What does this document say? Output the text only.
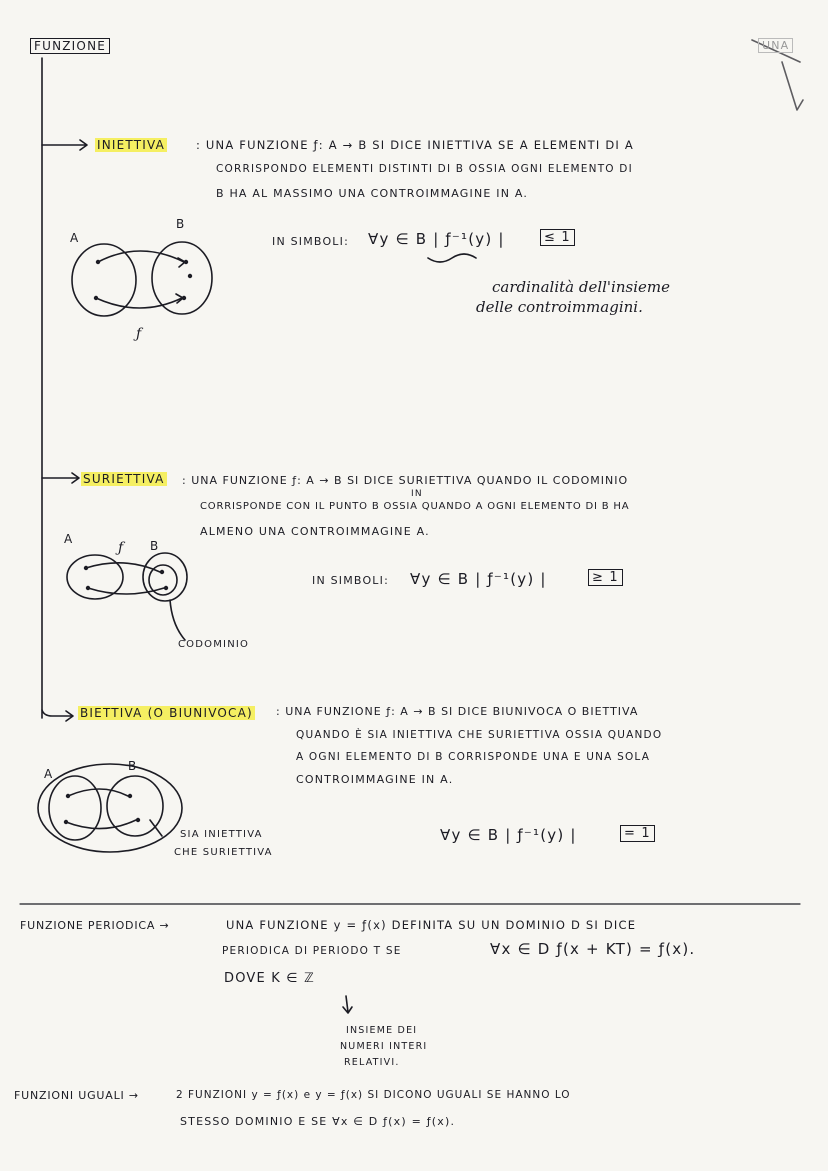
A
B
ƒ
A	B
ƒ
A
B
FUNZIONE	UNA
INIETTIVA	: UNA FUNZIONE ƒ: A → B SI DICE INIETTIVA SE A ELEMENTI DI A
CORRISPONDO ELEMENTI DISTINTI DI B OSSIA OGNI ELEMENTO DI
B HA AL MASSIMO UNA CONTROIMMAGINE IN A.
IN SIMBOLI: ∀y ∈ B | ƒ⁻¹(y) |	≤ 1
cardinalità dell'insieme
delle controimmagini.
SURIETTIVA : UNA FUNZIONE ƒ: A → B SI DICE SURIETTIVA QUANDO IL CODOMINIO
IN
CORRISPONDE CON IL PUNTO B OSSIA QUANDO A OGNI ELEMENTO DI B HA
ALMENO UNA CONTROIMMAGINE A.
IN SIMBOLI: ∀y ∈ B | ƒ⁻¹(y) |	≥ 1
CODOMINIO
BIETTIVA (O BIUNIVOCA) : UNA FUNZIONE ƒ: A → B SI DICE BIUNIVOCA O BIETTIVA
QUANDO È SIA INIETTIVA CHE SURIETTIVA OSSIA QUANDO
A OGNI ELEMENTO DI B CORRISPONDE UNA E UNA SOLA
CONTROIMMAGINE IN A.
SIA INIETTIVA
CHE SURIETTIVA
∀y ∈ B | ƒ⁻¹(y) |	= 1
FUNZIONE PERIODICA →	UNA FUNZIONE y = ƒ(x) DEFINITA SU UN DOMINIO D SI DICE
PERIODICA DI PERIODO T SE	∀x ∈ D ƒ(x + KT) = ƒ(x).
DOVE K ∈ ℤ
INSIEME DEI
NUMERI INTERI
RELATIVI.
FUNZIONI UGUALI →	2 FUNZIONI y = ƒ(x) e y = ƒ(x) SI DICONO UGUALI SE HANNO LO
STESSO DOMINIO E SE ∀x ∈ D ƒ(x) = ƒ(x).
